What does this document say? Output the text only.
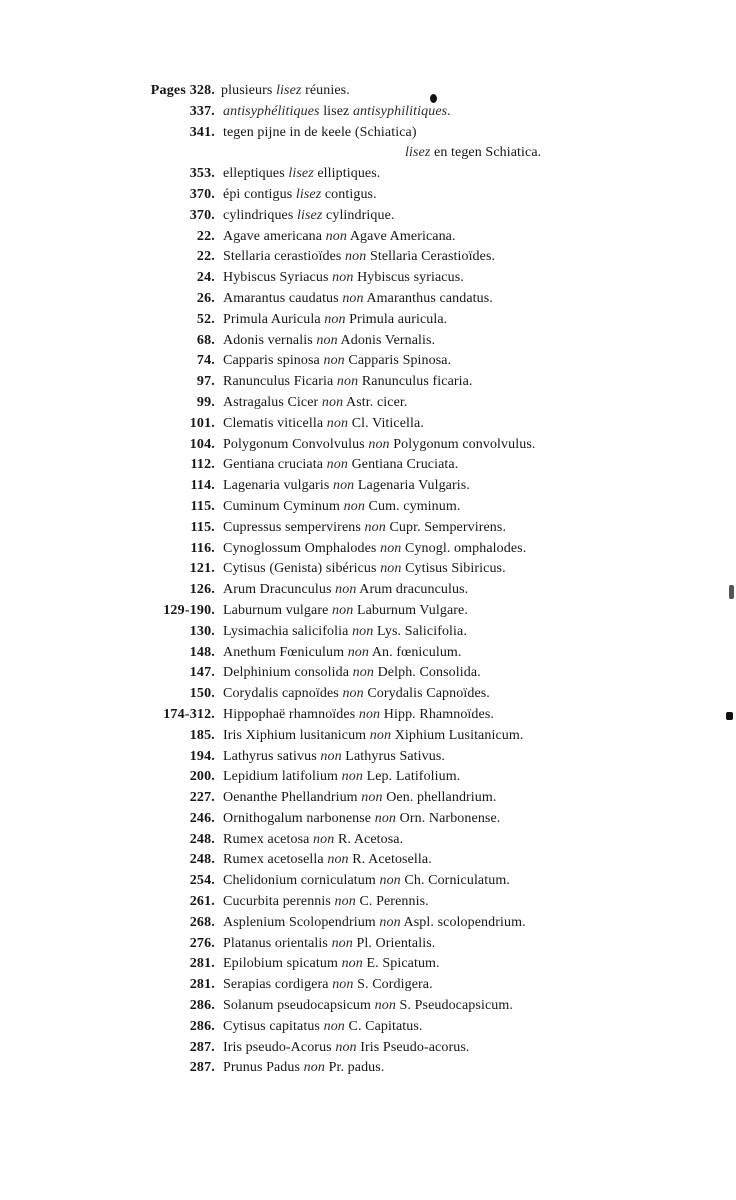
Pages 328. plusieurs lisez réunies.
337. antisyphélitiques lisez antisyphilitiques.
341. tegen pijne in de keele (Schiatica)
lisez en tegen Schiatica.
353. elleptiques lisez elliptiques.
370. épi contigus lisez contigus.
370. cylindriques lisez cylindrique.
22. Agave americana non Agave Americana.
22. Stellaria cerastioïdes non Stellaria Cerastioïdes.
24. Hybiscus Syriacus non Hybiscus syriacus.
26. Amarantus caudatus non Amaranthus candatus.
52. Primula Auricula non Primula auricula.
68. Adonis vernalis non Adonis Vernalis.
74. Capparis spinosa non Capparis Spinosa.
97. Ranunculus Ficaria non Ranunculus ficaria.
99. Astragalus Cicer non Astr. cicer.
101. Clematis viticella non Cl. Viticella.
104. Polygonum Convolvulus non Polygonum convolvulus.
112. Gentiana cruciata non Gentiana Cruciata.
114. Lagenaria vulgaris non Lagenaria Vulgaris.
115. Cuminum Cyminum non Cum. cyminum.
115. Cupressus sempervirens non Cupr. Sempervirens.
116. Cynoglossum Omphalodes non Cynogl. omphalodes.
121. Cytisus (Genista) sibéricus non Cytisus Sibiricus.
126. Arum Dracunculus non Arum dracunculus.
129-190. Laburnum vulgare non Laburnum Vulgare.
130. Lysimachia salicifolia non Lys. Salicifolia.
148. Anethum Fœniculum non An. fœniculum.
147. Delphinium consolida non Delph. Consolida.
150. Corydalis capnoïdes non Corydalis Capnoïdes.
174-312. Hippophaë rhamnoïdes non Hipp. Rhamnoïdes.
185. Iris Xiphium lusitanicum non Xiphium Lusitanicum.
194. Lathyrus sativus non Lathyrus Sativus.
200. Lepidium latifolium non Lep. Latifolium.
227. Oenanthe Phellandrium non Oen. phellandrium.
246. Ornithogalum narbonense non Orn. Narbonense.
248. Rumex acetosa non R. Acetosa.
248. Rumex acetosella non R. Acetosella.
254. Chelidonium corniculatum non Ch. Corniculatum.
261. Cucurbita perennis non C. Perennis.
268. Asplenium Scolopendrium non Aspl. scolopendrium.
276. Platanus orientalis non Pl. Orientalis.
281. Epilobium spicatum non E. Spicatum.
281. Serapias cordigera non S. Cordigera.
286. Solanum pseudocapsicum non S. Pseudocapsicum.
286. Cytisus capitatus non C. Capitatus.
287. Iris pseudo-Acorus non Iris Pseudo-acorus.
287. Prunus Padus non Pr. padus.
